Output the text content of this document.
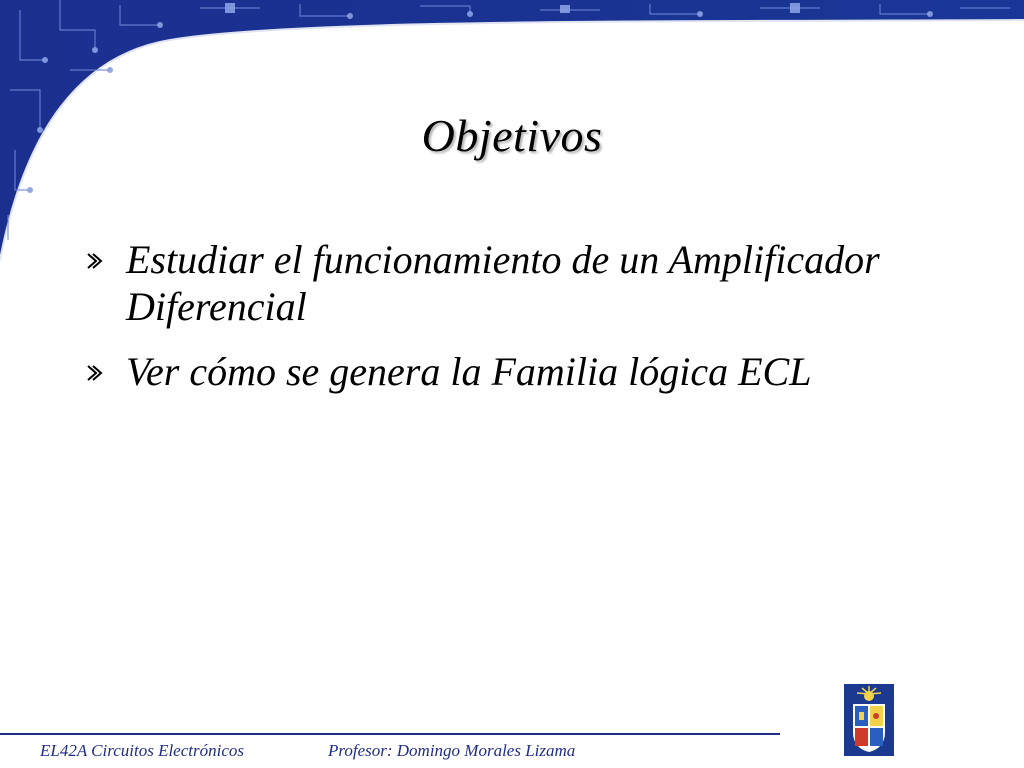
Objetivos
Estudiar el funcionamiento de un Amplificador Diferencial
Ver cómo se genera la Familia lógica ECL
EL42A Circuitos Electrónicos	Profesor: Domingo Morales Lizama
